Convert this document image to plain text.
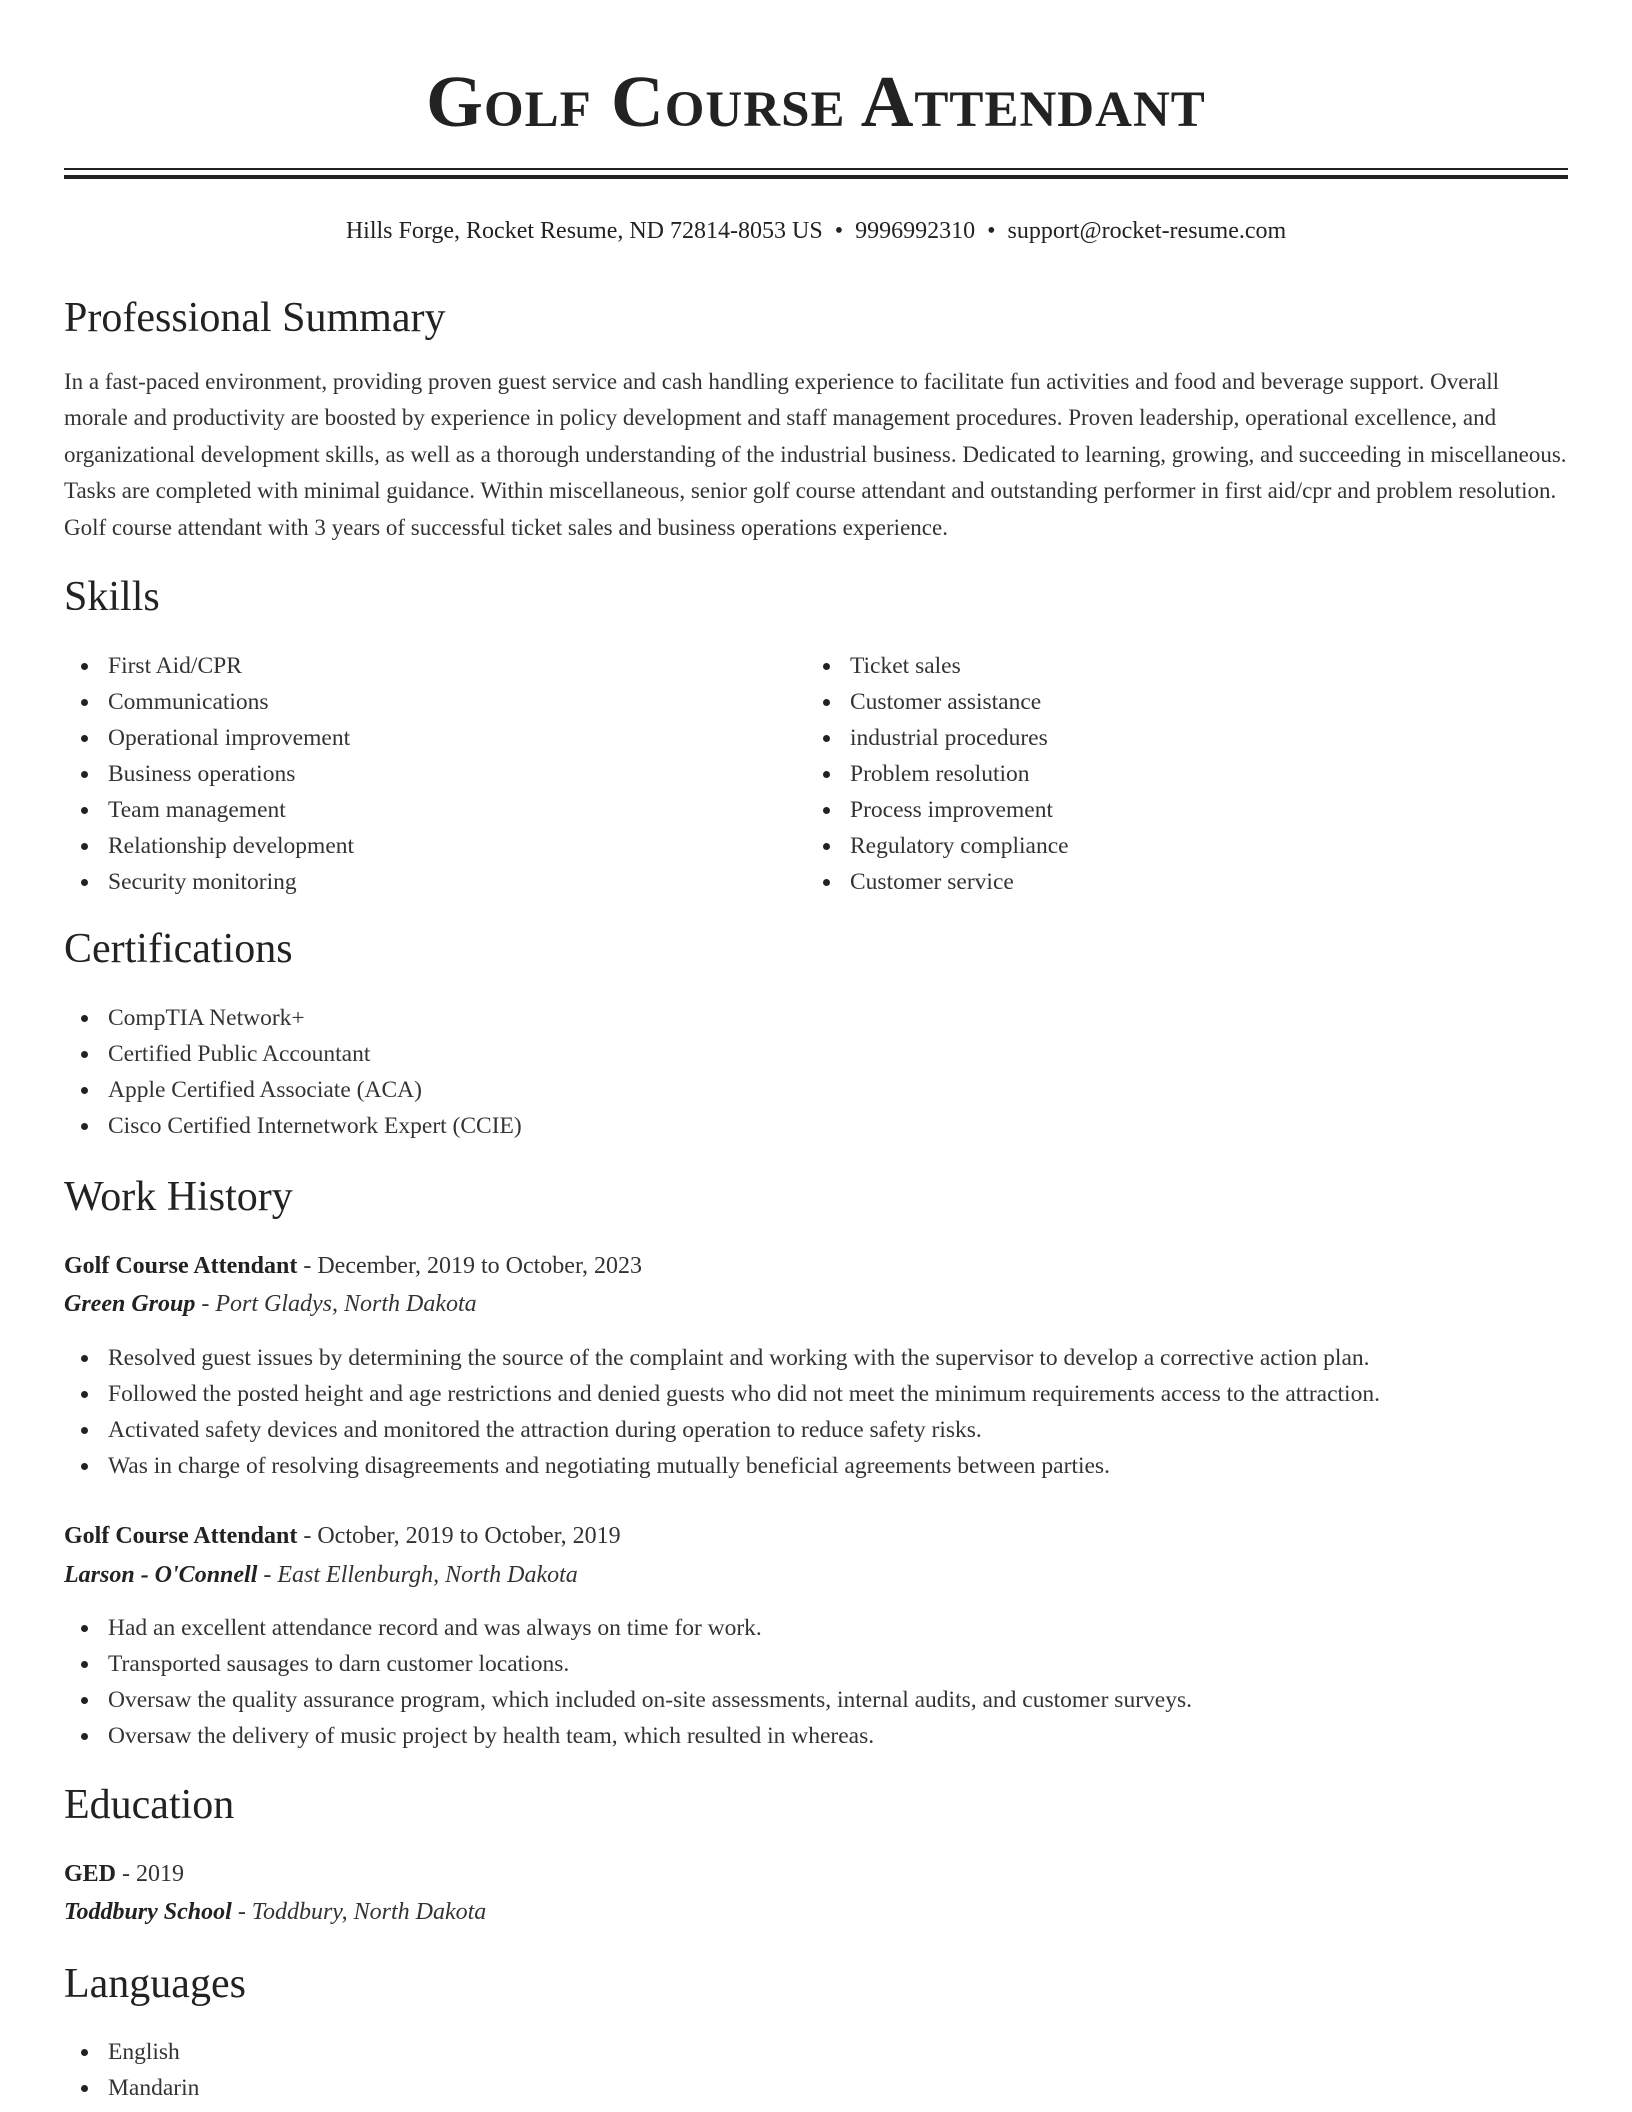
Golf Course Attendant
Hills Forge, Rocket Resume, ND 72814-8053 US • 9996992310 • support@rocket-resume.com
Professional Summary

In a fast-paced environment, providing proven guest service and cash handling experience to facilitate fun activities and food and beverage support. Overall morale and productivity are boosted by experience in policy development and staff management procedures. Proven leadership, operational excellence, and organizational development skills, as well as a thorough understanding of the industrial business. Dedicated to learning, growing, and succeeding in miscellaneous. Tasks are completed with minimal guidance. Within miscellaneous, senior golf course attendant and outstanding performer in first aid/cpr and problem resolution. Golf course attendant with 3 years of successful ticket sales and business operations experience.

Skills
First Aid/CPR
Communications
Operational improvement
Business operations
Team management
Relationship development
Security monitoring
Ticket sales
Customer assistance
industrial procedures
Problem resolution
Process improvement
Regulatory compliance
Customer service
Certifications
CompTIA Network+
Certified Public Accountant
Apple Certified Associate (ACA)
Cisco Certified Internetwork Expert (CCIE)
Work History
Golf Course Attendant - December, 2019 to October, 2023
Green Group - Port Gladys, North Dakota
Resolved guest issues by determining the source of the complaint and working with the supervisor to develop a corrective action plan.
Followed the posted height and age restrictions and denied guests who did not meet the minimum requirements access to the attraction.
Activated safety devices and monitored the attraction during operation to reduce safety risks.
Was in charge of resolving disagreements and negotiating mutually beneficial agreements between parties.
Golf Course Attendant - October, 2019 to October, 2019
Larson - O'Connell - East Ellenburgh, North Dakota
Had an excellent attendance record and was always on time for work.
Transported sausages to darn customer locations.
Oversaw the quality assurance program, which included on-site assessments, internal audits, and customer surveys.
Oversaw the delivery of music project by health team, which resulted in whereas.
Education
GED - 2019
Toddbury School - Toddbury, North Dakota
Languages
English
Mandarin
